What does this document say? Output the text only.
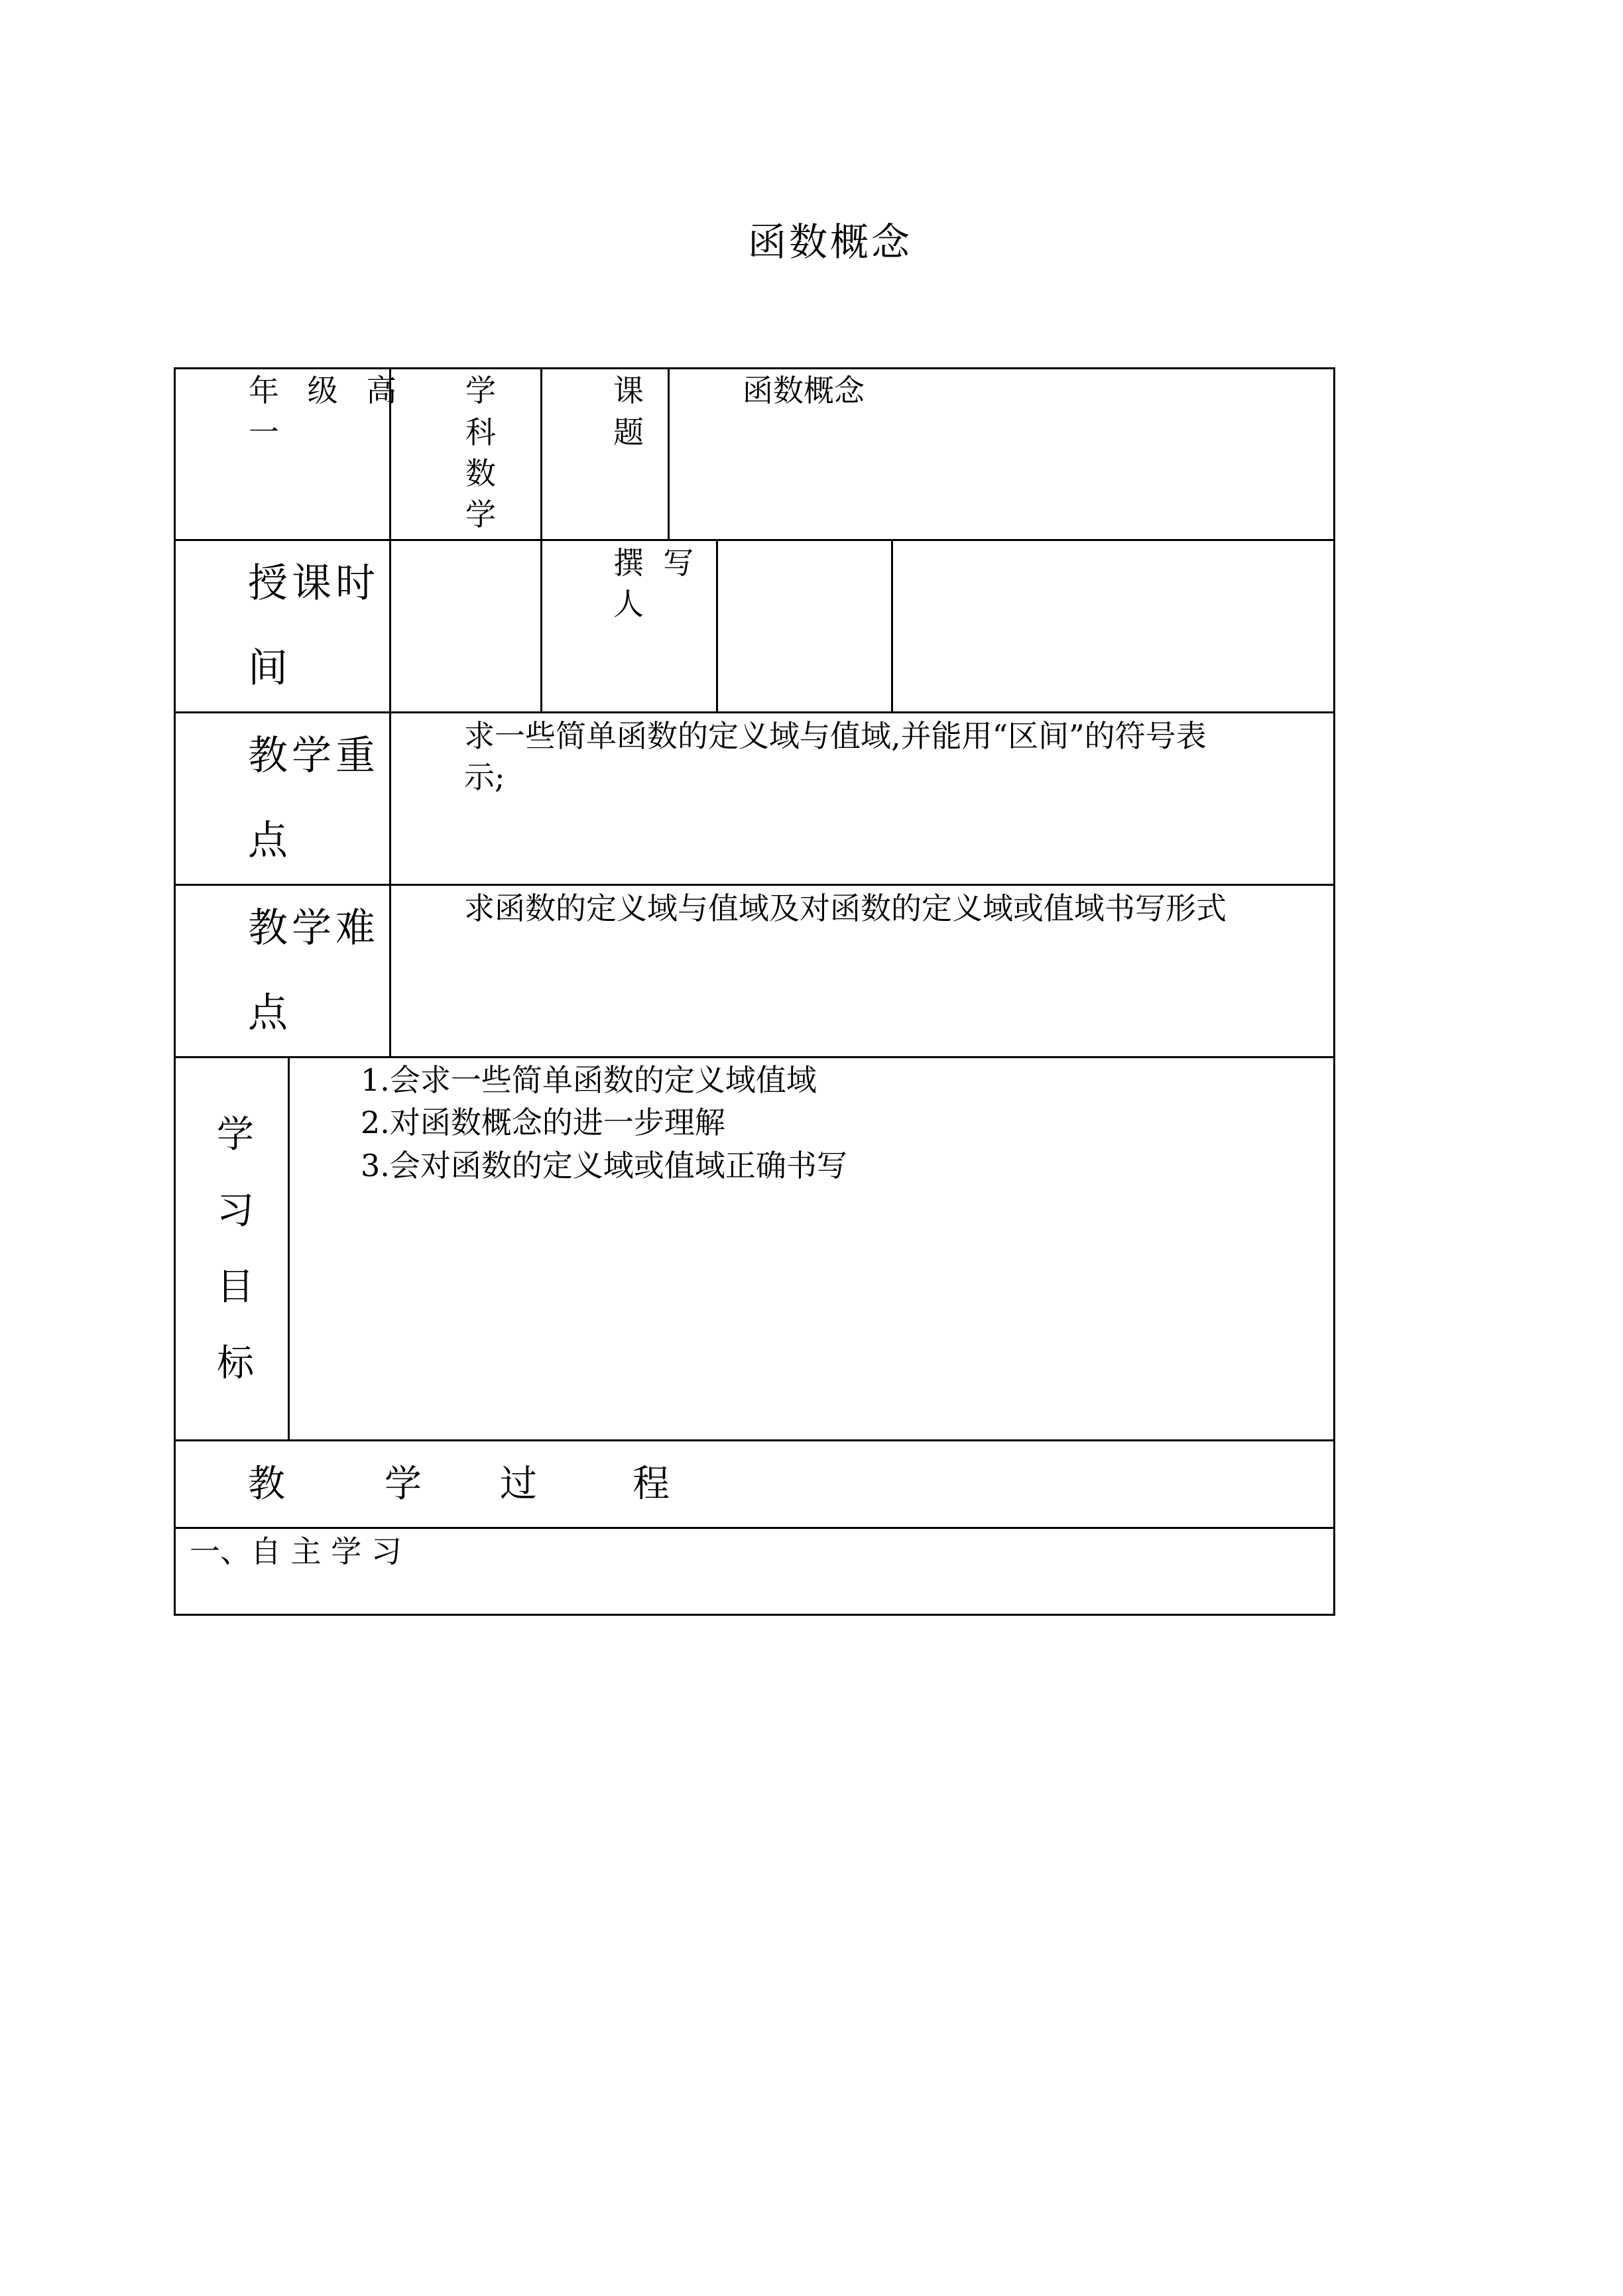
函数概念
年 级 高
一
学
科
数
学
课
题
函数概念
授课时
间
撰  写
人
教学重
点
求一些简单函数的定义域与值域,并能用“区间”的符号表
示;
教学难
点
求函数的定义域与值域及对函数的定义域或值域书写形式
学
习
目
标
1.会求一些简单函数的定义域值域
2.对函数概念的进一步理解
3.会对函数的定义域或值域正确书写
教	学 过	程
一、自 主 学 习
